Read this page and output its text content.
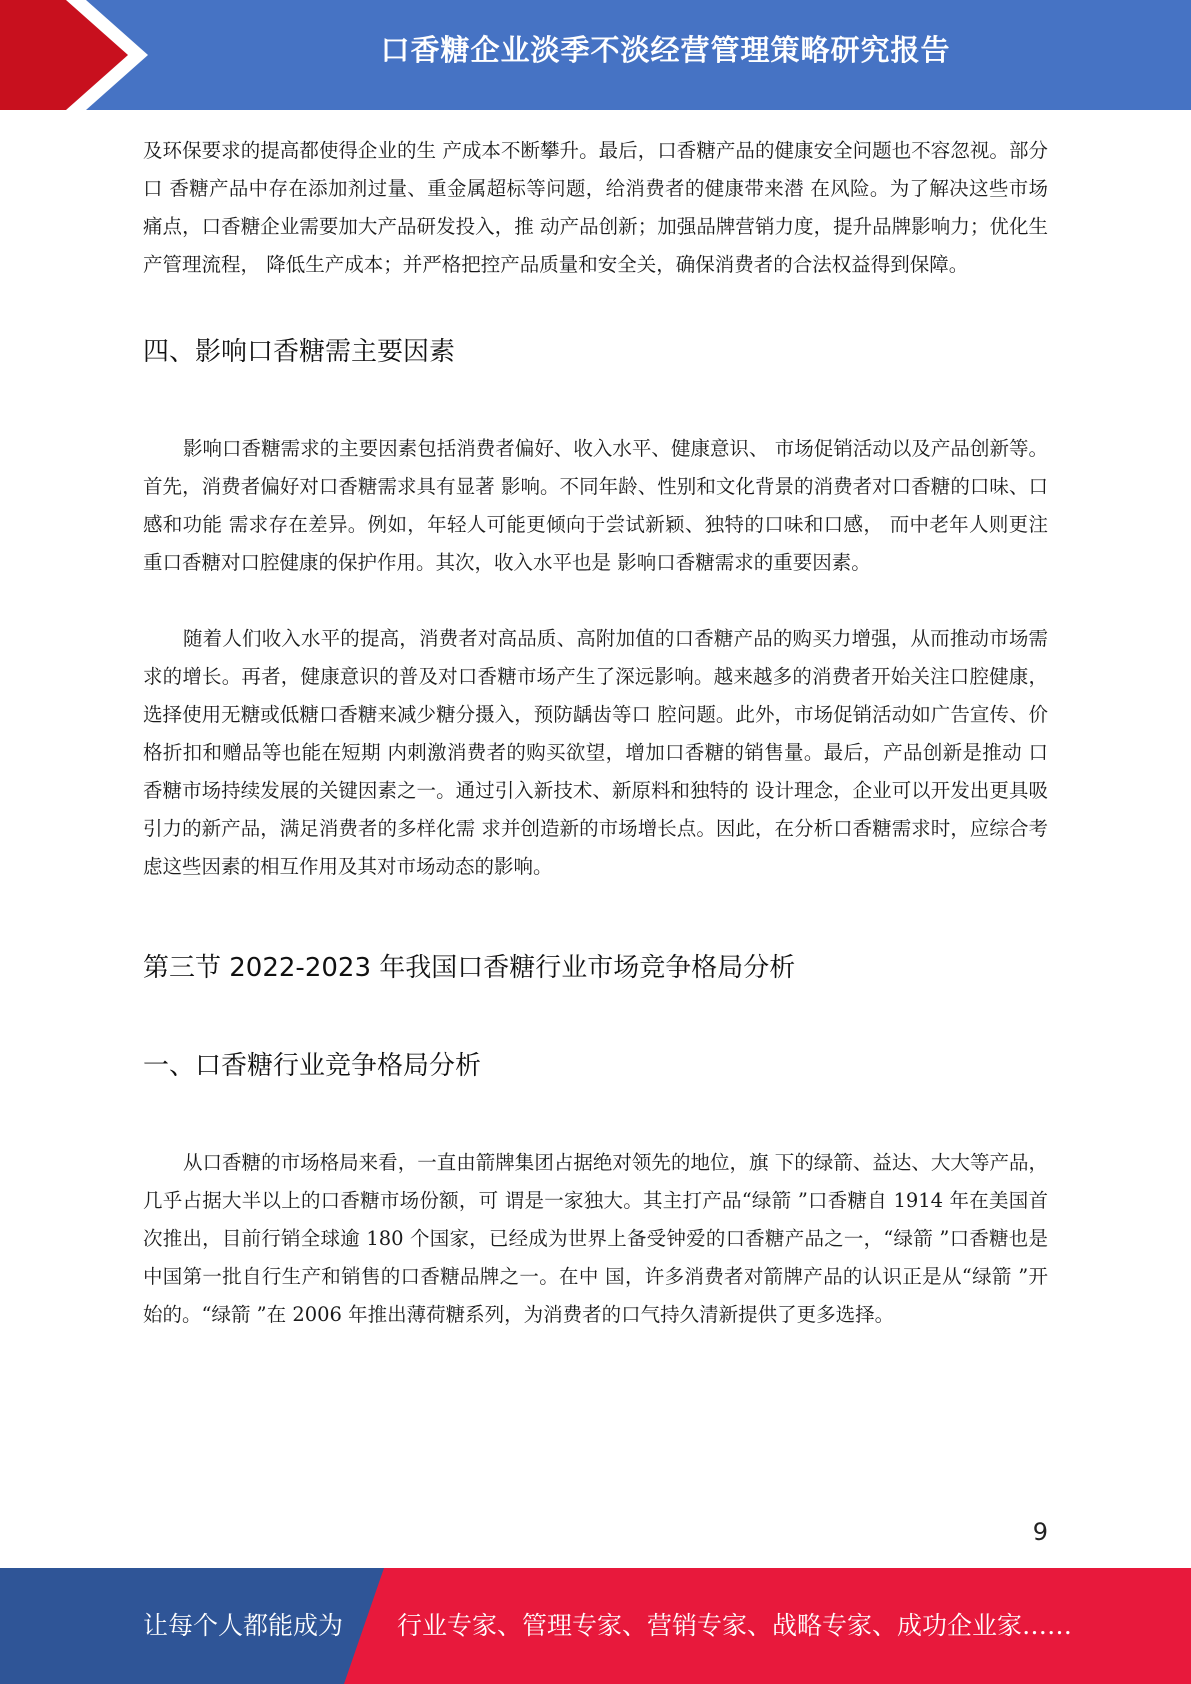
口香糖企业淡季不淡经营管理策略研究报告

及环保要求的提高都使得企业的生 产成本不断攀升。最后，口香糖产品的健康安全问题也不容忽视。部分口 香糖产品中存在添加剂过量、重金属超标等问题，给消费者的健康带来潜 在风险。为了解决这些市场痛点，口香糖企业需要加大产品研发投入，推 动产品创新；加强品牌营销力度，提升品牌影响力；优化生产管理流程， 降低生产成本；并严格把控产品质量和安全关，确保消费者的合法权益得到保障。

四、影响口香糖需主要因素

影响口香糖需求的主要因素包括消费者偏好、收入水平、健康意识、 市场促销活动以及产品创新等。首先，消费者偏好对口香糖需求具有显著 影响。不同年龄、性别和文化背景的消费者对口香糖的口味、口感和功能 需求存在差异。例如，年轻人可能更倾向于尝试新颖、独特的口味和口感， 而中老年人则更注重口香糖对口腔健康的保护作用。其次，收入水平也是 影响口香糖需求的重要因素。

随着人们收入水平的提高，消费者对高品质、高附加值的口香糖产品的购买力增强，从而推动市场需求的增长。再者，健康意识的普及对口香糖市场产生了深远影响。越来越多的消费者开始关注口腔健康，选择使用无糖或低糖口香糖来减少糖分摄入，预防龋齿等口 腔问题。此外，市场促销活动如广告宣传、价格折扣和赠品等也能在短期 内刺激消费者的购买欲望，增加口香糖的销售量。最后，产品创新是推动 口香糖市场持续发展的关键因素之一。通过引入新技术、新原料和独特的 设计理念，企业可以开发出更具吸引力的新产品，满足消费者的多样化需 求并创造新的市场增长点。因此，在分析口香糖需求时，应综合考虑这些因素的相互作用及其对市场动态的影响。

第三节 2022-2023 年我国口香糖行业市场竞争格局分析
一、口香糖行业竞争格局分析

从口香糖的市场格局来看，一直由箭牌集团占据绝对领先的地位，旗 下的绿箭、益达、大大等产品，几乎占据大半以上的口香糖市场份额，可 谓是一家独大。其主打产品“绿箭 ”口香糖自 1914 年在美国首次推出，目前行销全球逾 180 个国家，已经成为世界上备受钟爱的口香糖产品之一，“绿箭 ”口香糖也是中国第一批自行生产和销售的口香糖品牌之一。在中 国，许多消费者对箭牌产品的认识正是从“绿箭 ”开始的。“绿箭 ”在 2006 年推出薄荷糖系列，为消费者的口气持久清新提供了更多选择。

9
让每个人都能成为 行业专家、管理专家、营销专家、战略专家、成功企业家……
